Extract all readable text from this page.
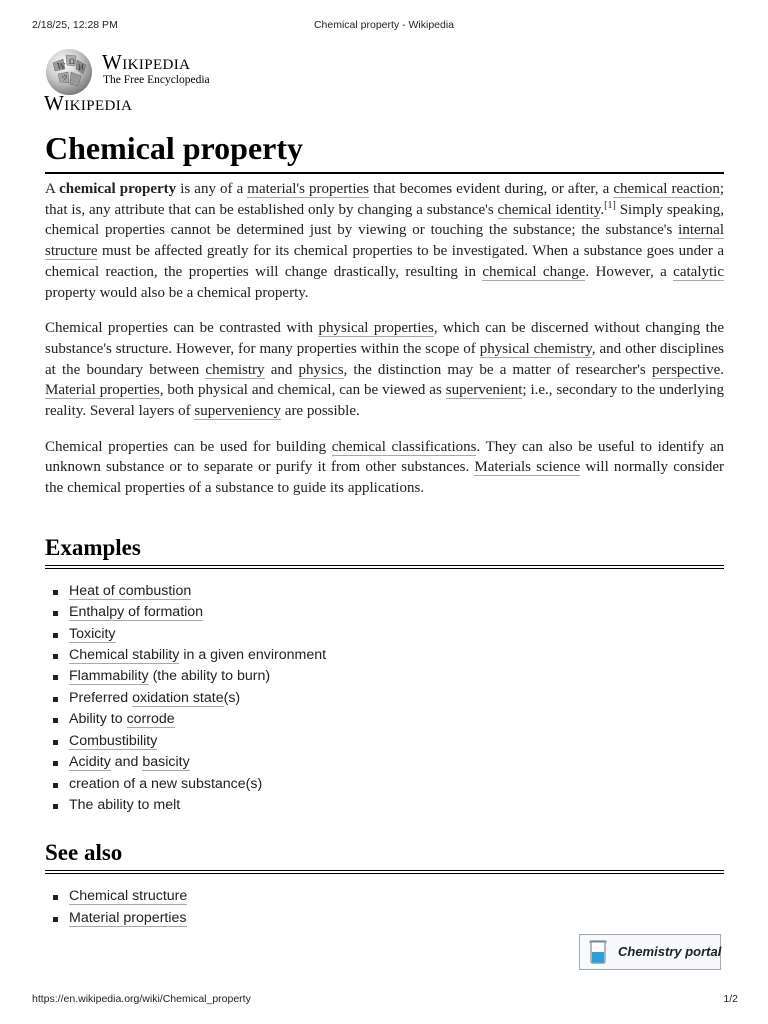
2/18/25, 12:28 PM	Chemical property - Wikipedia
W Ω
И
ウ
Wikipedia
The Free Encyclopedia
Wikipedia
Chemical property

A chemical property is any of a material's properties that becomes evident during, or after, a chemical reaction; that is, any attribute that can be established only by changing a substance's chemical identity.[1] Simply speaking, chemical properties cannot be determined just by viewing or touching the substance; the substance's internal structure must be affected greatly for its chemical properties to be investigated. When a substance goes under a chemical reaction, the properties will change drastically, resulting in chemical change. However, a catalytic property would also be a chemical property.

Chemical properties can be contrasted with physical properties, which can be discerned without changing the substance's structure. However, for many properties within the scope of physical chemistry, and other disciplines at the boundary between chemistry and physics, the distinction may be a matter of researcher's perspective. Material properties, both physical and chemical, can be viewed as supervenient; i.e., secondary to the underlying reality. Several layers of superveniency are possible.

Chemical properties can be used for building chemical classifications. They can also be useful to identify an unknown substance or to separate or purify it from other substances. Materials science will normally consider the chemical properties of a substance to guide its applications.

Examples
Heat of combustion
Enthalpy of formation
Toxicity
Chemical stability in a given environment
Flammability (the ability to burn)
Preferred oxidation state(s)
Ability to corrode
Combustibility
Acidity and basicity
creation of a new substance(s)
The ability to melt
See also
Chemical structure
Material properties
Chemistry portal
https://en.wikipedia.org/wiki/Chemical_property	1/2
